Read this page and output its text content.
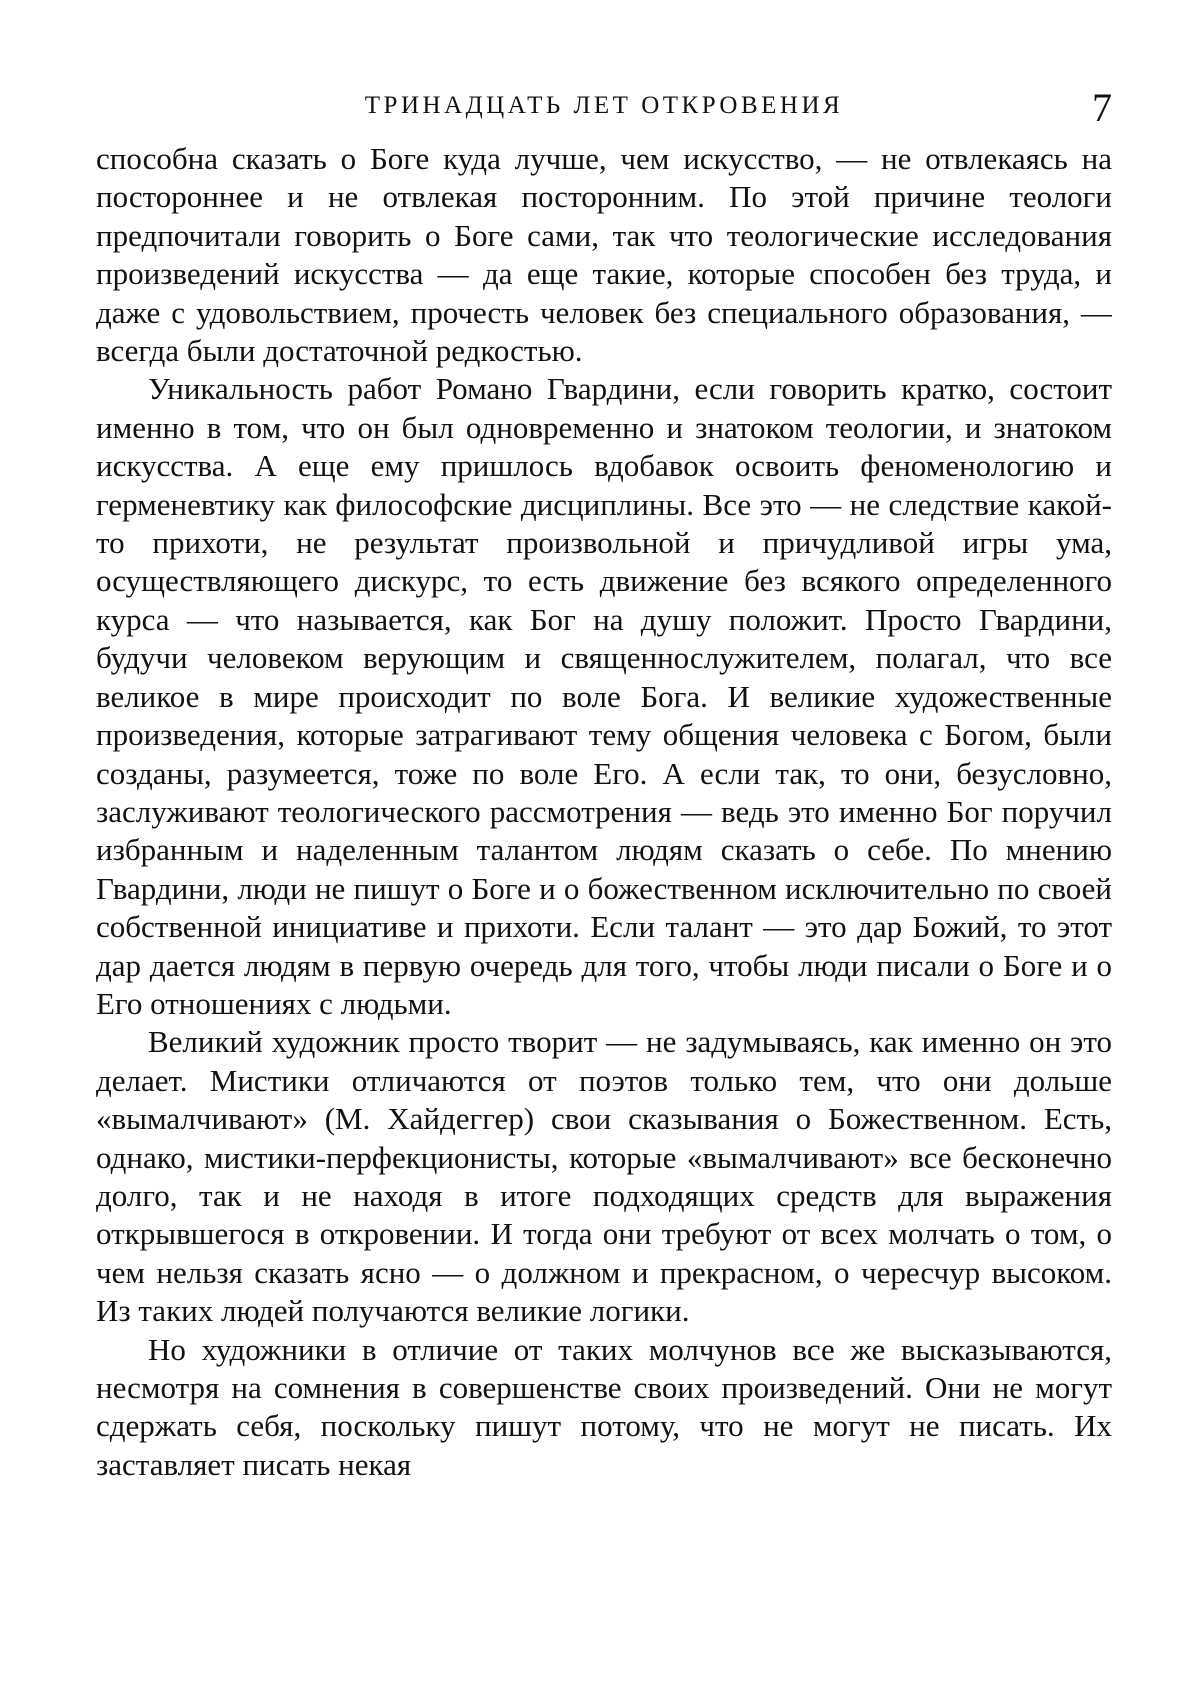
ТРИНАДЦАТЬ ЛЕТ ОТКРОВЕНИЯ	7

способна сказать о Боге куда лучше, чем искусство, — не отвлекаясь на постороннее и не отвлекая посторонним. По этой причине теологи предпочитали говорить о Боге сами, так что теологические исследования произведений искусства — да еще такие, которые способен без труда, и даже с удовольствием, прочесть человек без специального образования, — всегда были достаточной редкостью.

Уникальность работ Романо Гвардини, если говорить кратко, состоит именно в том, что он был одновременно и знатоком теологии, и знатоком искусства. А еще ему пришлось вдобавок освоить феноменологию и герменевтику как философские дисциплины. Все это — не следствие какой-то прихоти, не результат произвольной и причудливой игры ума, осуществляющего дискурс, то есть движение без всякого определенного курса — что называется, как Бог на душу положит. Просто Гвардини, будучи человеком верующим и священнослужителем, полагал, что все великое в мире происходит по воле Бога. И великие художественные произведения, которые затрагивают тему общения человека с Богом, были созданы, разумеется, тоже по воле Его. А если так, то они, безусловно, заслуживают теологического рассмотрения — ведь это именно Бог поручил избранным и наделенным талантом людям сказать о себе. По мнению Гвардини, люди не пишут о Боге и о божественном исключительно по своей собственной инициативе и прихоти. Если талант — это дар Божий, то этот дар дается людям в первую очередь для того, чтобы люди писали о Боге и о Его отношениях с людьми.

Великий художник просто творит — не задумываясь, как именно он это делает. Мистики отличаются от поэтов только тем, что они дольше «вымалчивают» (М. Хайдеггер) свои сказывания о Божественном. Есть, однако, мистики-перфекционисты, которые «вымалчивают» все бесконечно долго, так и не находя в итоге подходящих средств для выражения открывшегося в откровении. И тогда они требуют от всех молчать о том, о чем нельзя сказать ясно — о должном и прекрасном, о чересчур высоком. Из таких людей получаются великие логики.

Но художники в отличие от таких молчунов все же высказываются, несмотря на сомнения в совершенстве своих произведений. Они не могут сдержать себя, поскольку пишут потому, что не могут не писать. Их заставляет писать некая
